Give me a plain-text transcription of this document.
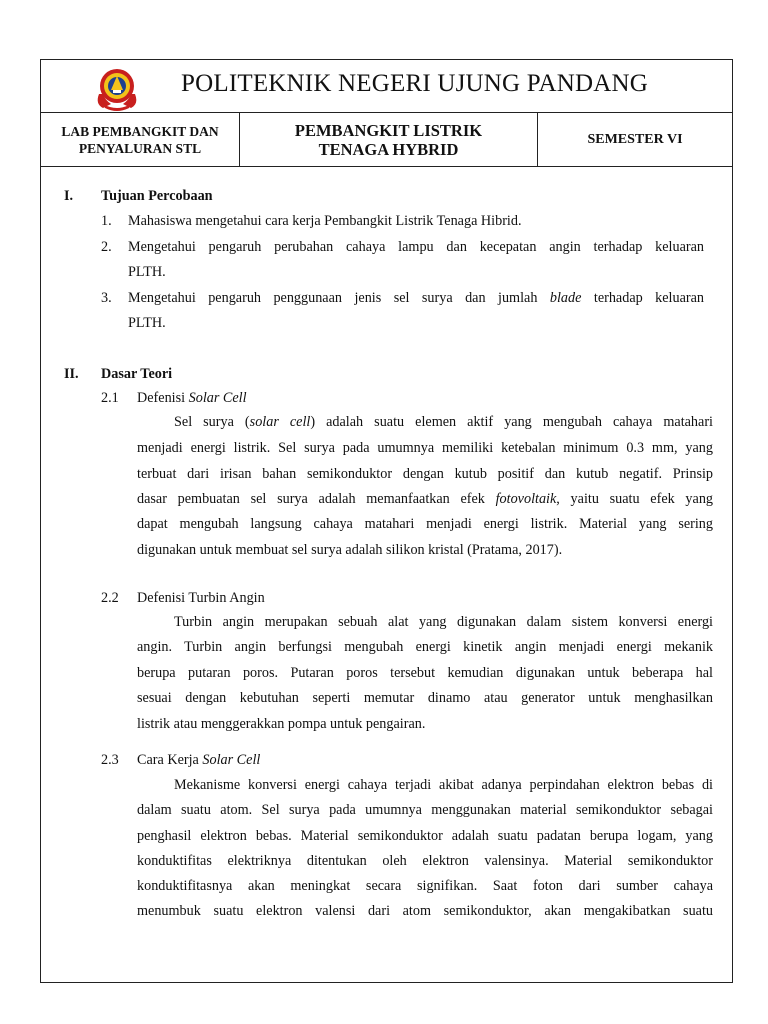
POLITEKNIK NEGERI UJUNG PANDANG
LAB PEMBANGKIT DAN
PENYALURAN STL
PEMBANGKIT LISTRIK
TENAGA HYBRID
SEMESTER VI
I. Tujuan Percobaan
1. Mahasiswa mengetahui cara kerja Pembangkit Listrik Tenaga Hibrid.
2. Mengetahui pengaruh perubahan cahaya lampu dan kecepatan angin terhadap keluaran
PLTH.
3. Mengetahui pengaruh penggunaan jenis sel surya dan jumlah blade terhadap keluaran
PLTH.
II. Dasar Teori
2.1 Defenisi Solar Cell
Sel surya (solar cell) adalah suatu elemen aktif yang mengubah cahaya matahari
menjadi energi listrik. Sel surya pada umumnya memiliki ketebalan minimum 0.3 mm, yang
terbuat dari irisan bahan semikonduktor dengan kutub positif dan kutub negatif. Prinsip
dasar pembuatan sel surya adalah memanfaatkan efek fotovoltaik, yaitu suatu efek yang
dapat mengubah langsung cahaya matahari menjadi energi listrik. Material yang sering
digunakan untuk membuat sel surya adalah silikon kristal (Pratama, 2017).
2.2 Defenisi Turbin Angin
Turbin angin merupakan sebuah alat yang digunakan dalam sistem konversi energi
angin. Turbin angin berfungsi mengubah energi kinetik angin menjadi energi mekanik
berupa putaran poros. Putaran poros tersebut kemudian digunakan untuk beberapa hal
sesuai dengan kebutuhan seperti memutar dinamo atau generator untuk menghasilkan
listrik atau menggerakkan pompa untuk pengairan.
2.3 Cara Kerja Solar Cell
Mekanisme konversi energi cahaya terjadi akibat adanya perpindahan elektron bebas di
dalam suatu atom. Sel surya pada umumnya menggunakan material semikonduktor sebagai
penghasil elektron bebas. Material semikonduktor adalah suatu padatan berupa logam, yang
konduktifitas elektriknya ditentukan oleh elektron valensinya. Material semikonduktor
konduktifitasnya akan meningkat secara signifikan. Saat foton dari sumber cahaya
menumbuk suatu elektron valensi dari atom semikonduktor, akan mengakibatkan suatu
